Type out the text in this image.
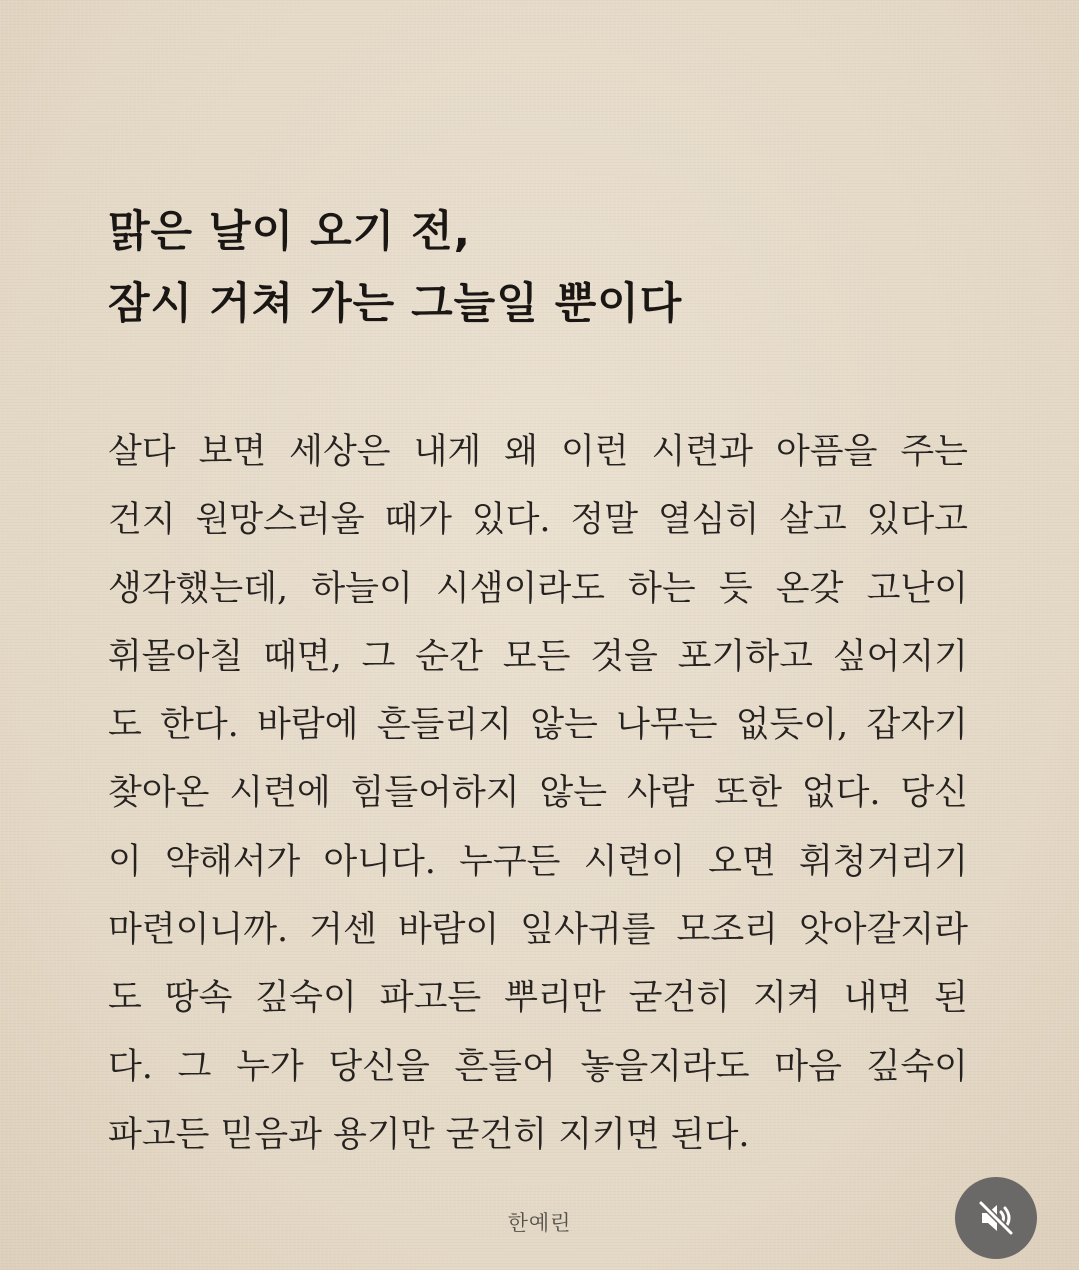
맑은 날이 오기 전,
잠시 거쳐 가는 그늘일 뿐이다
살다 보면 세상은 내게 왜 이런 시련과 아픔을 주는
건지 원망스러울 때가 있다. 정말 열심히 살고 있다고
생각했는데, 하늘이 시샘이라도 하는 듯 온갖 고난이
휘몰아칠 때면, 그 순간 모든 것을 포기하고 싶어지기
도 한다. 바람에 흔들리지 않는 나무는 없듯이, 갑자기
찾아온 시련에 힘들어하지 않는 사람 또한 없다. 당신
이 약해서가 아니다. 누구든 시련이 오면 휘청거리기
마련이니까. 거센 바람이 잎사귀를 모조리 앗아갈지라
도 땅속 깊숙이 파고든 뿌리만 굳건히 지켜 내면 된
다. 그 누가 당신을 흔들어 놓을지라도 마음 깊숙이
파고든 믿음과 용기만 굳건히 지키면 된다.
한예린
